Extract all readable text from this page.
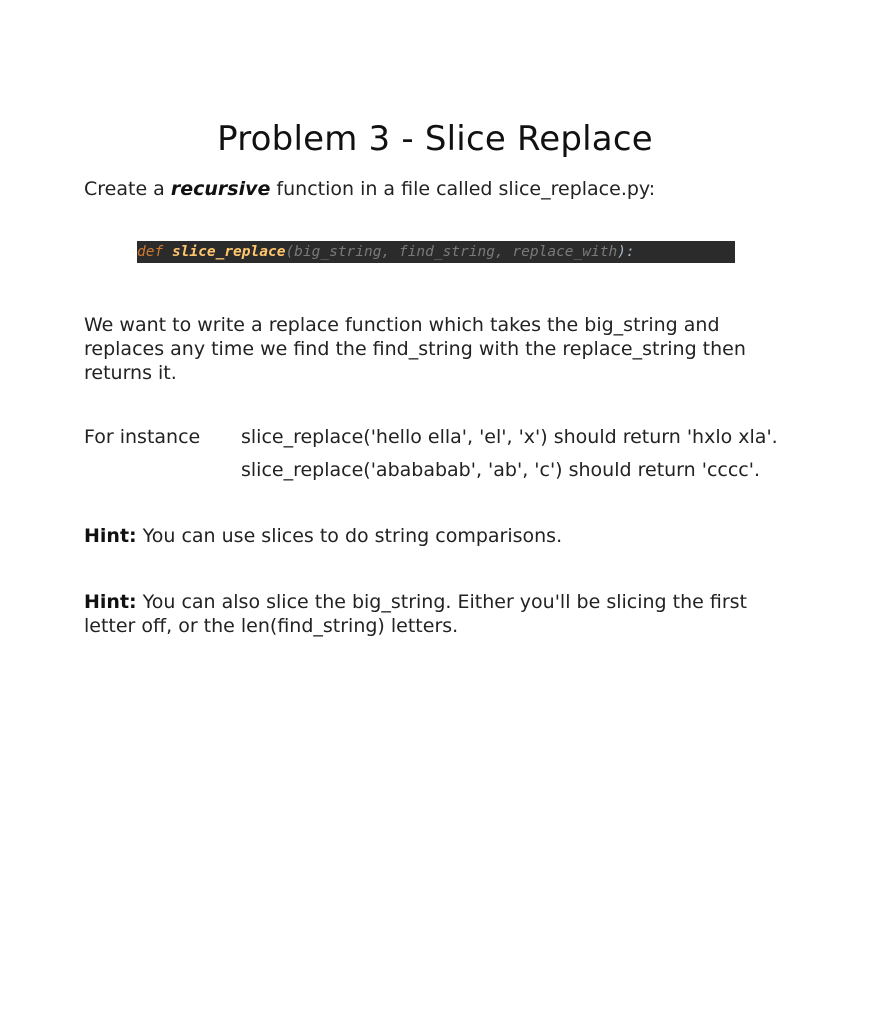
Problem 3 - Slice Replace
Create a recursive function in a file called slice_replace.py:
def slice_replace(big_string, find_string, replace_with):
We want to write a replace function which takes the big_string and replaces any time we find the find_string with the replace_string then returns it.
For instance slice_replace('hello ella', 'el', 'x') should return 'hxlo xla'.
slice_replace('abababab', 'ab', 'c') should return 'cccc'.
Hint: You can use slices to do string comparisons.
Hint: You can also slice the big_string. Either you'll be slicing the first letter off, or the len(find_string) letters.
